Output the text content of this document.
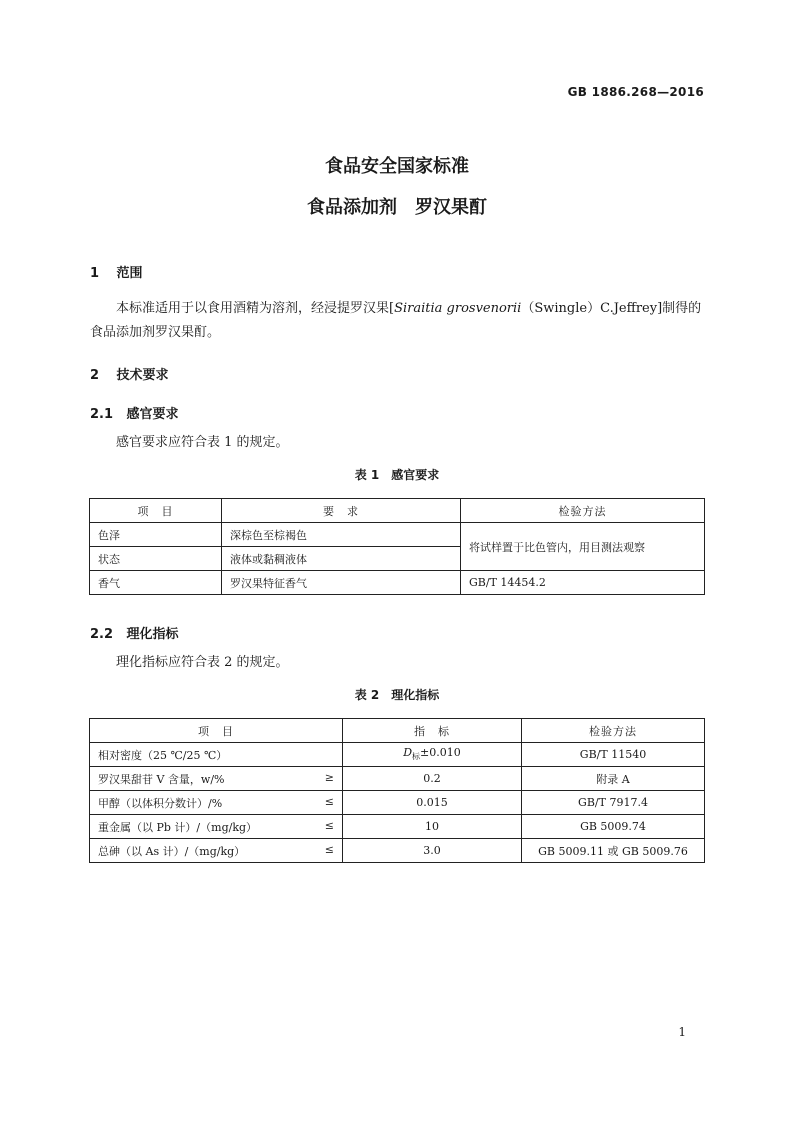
GB 1886.268—2016
食品安全国家标准
食品添加剂　罗汉果酊
1 范围
本标准适用于以食用酒精为溶剂，经浸提罗汉果[Siraitia grosvenorii（Swingle）C.Jeffrey]制得的
食品添加剂罗汉果酊。
2 技术要求
2.1 感官要求
感官要求应符合表 1 的规定。
表 1　感官要求
项　目	要　求	检验方法
色泽	深棕色至棕褐色	将试样置于比色管内，用目测法观察
状态	液体或黏稠液体	
香气	罗汉果特征香气	GB/T 14454.2
2.2 理化指标
理化指标应符合表 2 的规定。
表 2　理化指标
项　目	指　标	检验方法
相对密度（25 ℃/25 ℃）	$D_标\pm 0.010$	GB/T 11540
罗汉果甜苷 V 含量，w/% ≥	0.2	附录 A
甲醇（以体积分数计）/% ≤	0.015	GB/T 7917.4
重金属（以 Pb 计）/（mg/kg） ≤	10	GB 5009.74
总砷（以 As 计）/（mg/kg） ≤	3.0	GB 5009.11 或 GB 5009.76
1
